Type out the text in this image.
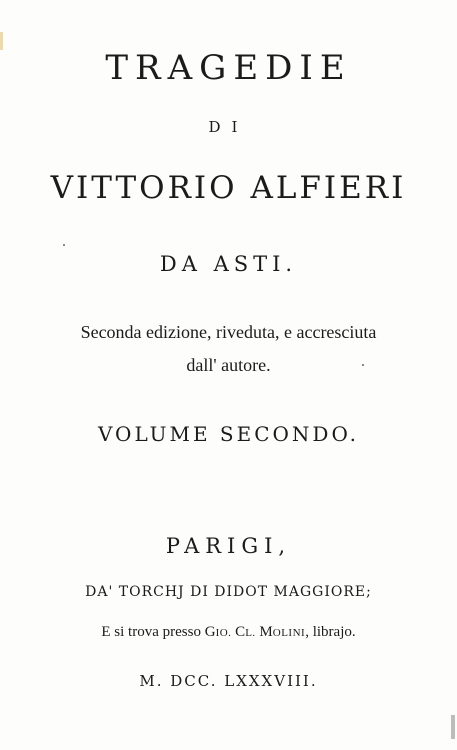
TRAGEDIE
DI
VITTORIO ALFIERI
DA ASTI.
Seconda edizione, riveduta, e accresciuta
dall' autore.
VOLUME SECONDO.
PARIGI,
DA' TORCHJ DI DIDOT MAGGIORE;
E si trova presso GIO. CL. MOLINI, librajo.
M. DCC. LXXXVIII.
